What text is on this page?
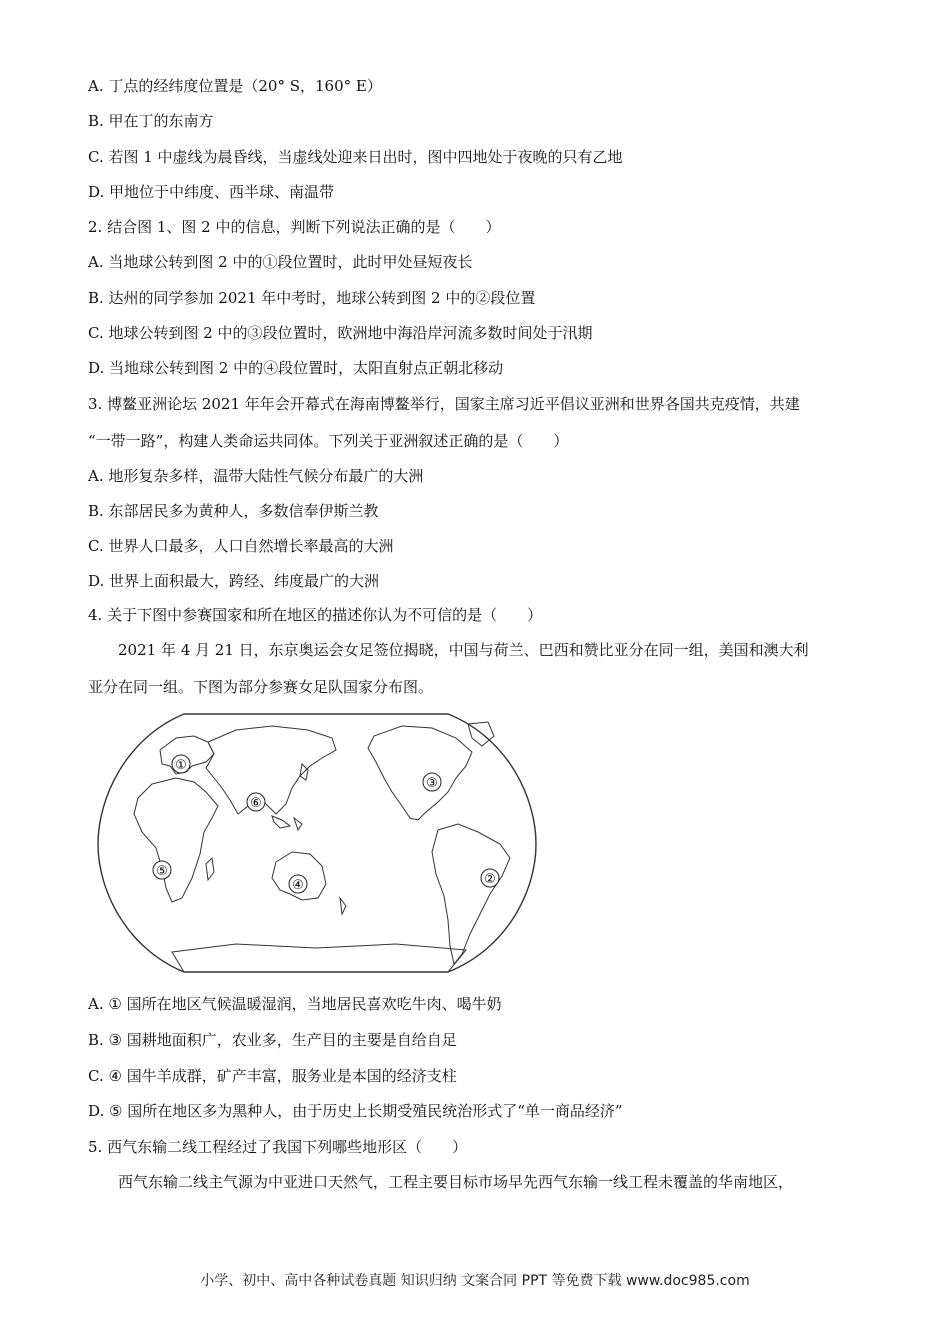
A. 丁点的经纬度位置是（20° S，160° E）
B. 甲在丁的东南方
C. 若图 1 中虚线为晨昏线，当虚线处迎来日出时，图中四地处于夜晚的只有乙地
D. 甲地位于中纬度、西半球、南温带
2. 结合图 1、图 2 中的信息，判断下列说法正确的是（　　）
A. 当地球公转到图 2 中的①段位置时，此时甲处昼短夜长
B. 达州的同学参加 2021 年中考时，地球公转到图 2 中的②段位置
C. 地球公转到图 2 中的③段位置时，欧洲地中海沿岸河流多数时间处于汛期
D. 当地球公转到图 2 中的④段位置时，太阳直射点正朝北移动
3. 博鳌亚洲论坛 2021 年年会开幕式在海南博鳌举行，国家主席习近平倡议亚洲和世界各国共克疫情，共建
“一带一路”，构建人类命运共同体。下列关于亚洲叙述正确的是（　　）
A. 地形复杂多样，温带大陆性气候分布最广的大洲
B. 东部居民多为黄种人，多数信奉伊斯兰教
C. 世界人口最多，人口自然增长率最高的大洲
D. 世界上面积最大，跨经、纬度最广的大洲
4. 关于下图中参赛国家和所在地区的描述你认为不可信的是（　　）
2021 年 4 月 21 日，东京奥运会女足签位揭晓，中国与荷兰、巴西和赞比亚分在同一组，美国和澳大利
亚分在同一组。下图为部分参赛女足队国家分布图。
①
⑥
③
⑤
④	②
A. ① 国所在地区气候温暖湿润，当地居民喜欢吃牛肉、喝牛奶
B. ③ 国耕地面积广，农业多，生产目的主要是自给自足
C. ④ 国牛羊成群，矿产丰富，服务业是本国的经济支柱
D. ⑤ 国所在地区多为黑种人，由于历史上长期受殖民统治形式了“单一商品经济”
5. 西气东输二线工程经过了我国下列哪些地形区（　　）
西气东输二线主气源为中亚进口天然气，工程主要目标市场早先西气东输一线工程未覆盖的华南地区，
小学、初中、高中各种试卷真题 知识归纳 文案合同 PPT 等免费下载 www.doc985.com
